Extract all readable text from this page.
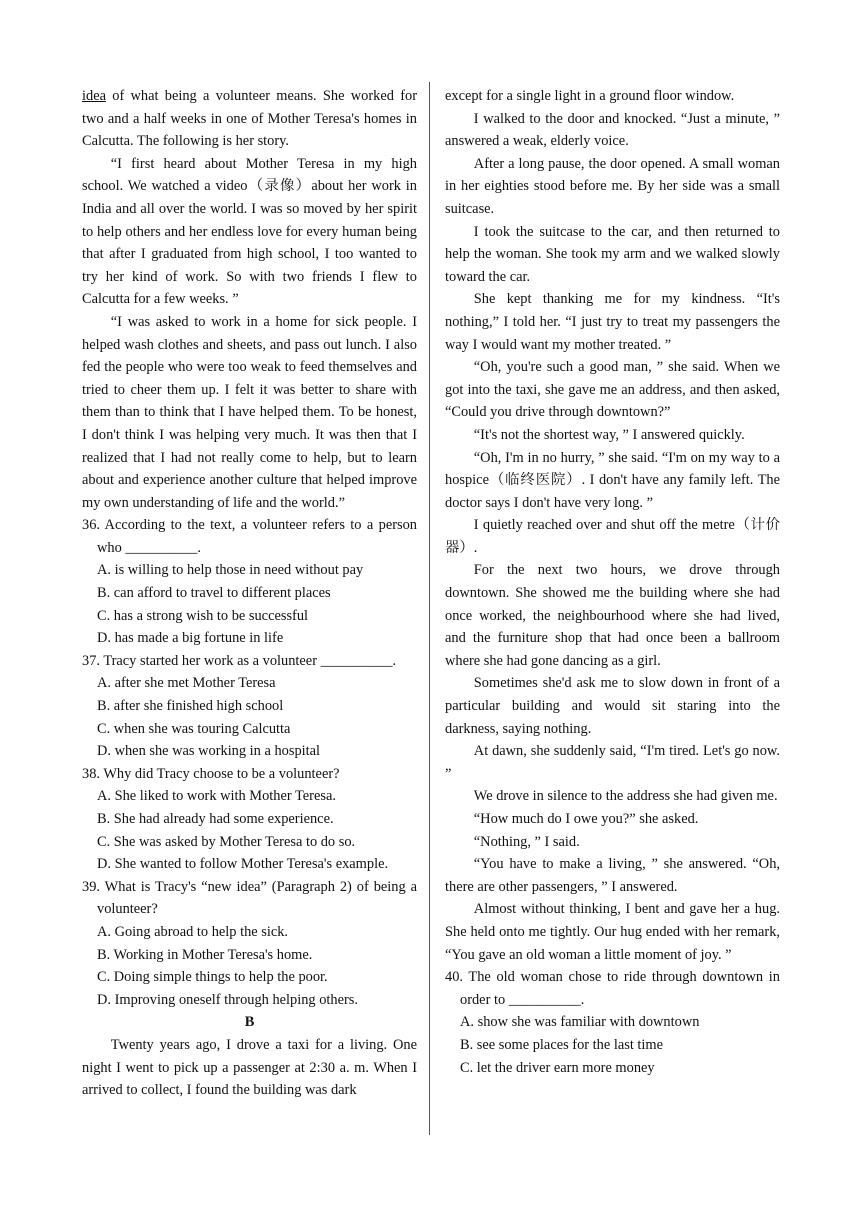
idea of what being a volunteer means. She worked for two and a half weeks in one of Mother Teresa's homes in Calcutta. The following is her story.

“I first heard about Mother Teresa in my high school. We watched a video（录像）about her work in India and all over the world. I was so moved by her spirit to help others and her endless love for every human being that after I graduated from high school, I too wanted to try her kind of work. So with two friends I flew to Calcutta for a few weeks. ”

“I was asked to work in a home for sick people. I helped wash clothes and sheets, and pass out lunch. I also fed the people who were too weak to feed themselves and tried to cheer them up. I felt it was better to share with them than to think that I have helped them. To be honest, I don't think I was helping very much. It was then that I realized that I had not really come to help, but to learn about and experience another culture that helped improve my own understanding of life and the world.”

36. According to the text, a volunteer refers to a person who __________.

A. is willing to help those in need without pay

B. can afford to travel to different places

C. has a strong wish to be successful

D. has made a big fortune in life

37. Tracy started her work as a volunteer __________.

A. after she met Mother Teresa

B. after she finished high school

C. when she was touring Calcutta

D. when she was working in a hospital

38. Why did Tracy choose to be a volunteer?

A. She liked to work with Mother Teresa.

B. She had already had some experience.

C. She was asked by Mother Teresa to do so.

D. She wanted to follow Mother Teresa's example.

39. What is Tracy's “new idea” (Paragraph 2) of being a volunteer?

A. Going abroad to help the sick.

B. Working in Mother Teresa's home.

C. Doing simple things to help the poor.

D. Improving oneself through helping others.

B

Twenty years ago, I drove a taxi for a living. One night I went to pick up a passenger at 2:30 a. m. When I arrived to collect, I found the building was dark

except for a single light in a ground floor window.

I walked to the door and knocked. “Just a minute, ” answered a weak, elderly voice.

After a long pause, the door opened. A small woman in her eighties stood before me. By her side was a small suitcase.

I took the suitcase to the car, and then returned to help the woman. She took my arm and we walked slowly toward the car.

She kept thanking me for my kindness. “It's nothing,” I told her. “I just try to treat my passengers the way I would want my mother treated. ”

“Oh, you're such a good man, ” she said. When we got into the taxi, she gave me an address, and then asked, “Could you drive through downtown?”

“It's not the shortest way, ” I answered quickly.

“Oh, I'm in no hurry, ” she said. “I'm on my way to a hospice（临终医院）. I don't have any family left. The doctor says I don't have very long. ”

I quietly reached over and shut off the metre（计价器）.

For the next two hours, we drove through downtown. She showed me the building where she had once worked, the neighbourhood where she had lived, and the furniture shop that had once been a ballroom where she had gone dancing as a girl.

Sometimes she'd ask me to slow down in front of a particular building and would sit staring into the darkness, saying nothing.

At dawn, she suddenly said, “I'm tired. Let's go now. ”

We drove in silence to the address she had given me.

“How much do I owe you?” she asked.

“Nothing, ” I said.

“You have to make a living, ” she answered. “Oh, there are other passengers, ” I answered.

Almost without thinking, I bent and gave her a hug. She held onto me tightly. Our hug ended with her remark, “You gave an old woman a little moment of joy. ”

40. The old woman chose to ride through downtown in order to __________.

A. show she was familiar with downtown

B. see some places for the last time

C. let the driver earn more money
